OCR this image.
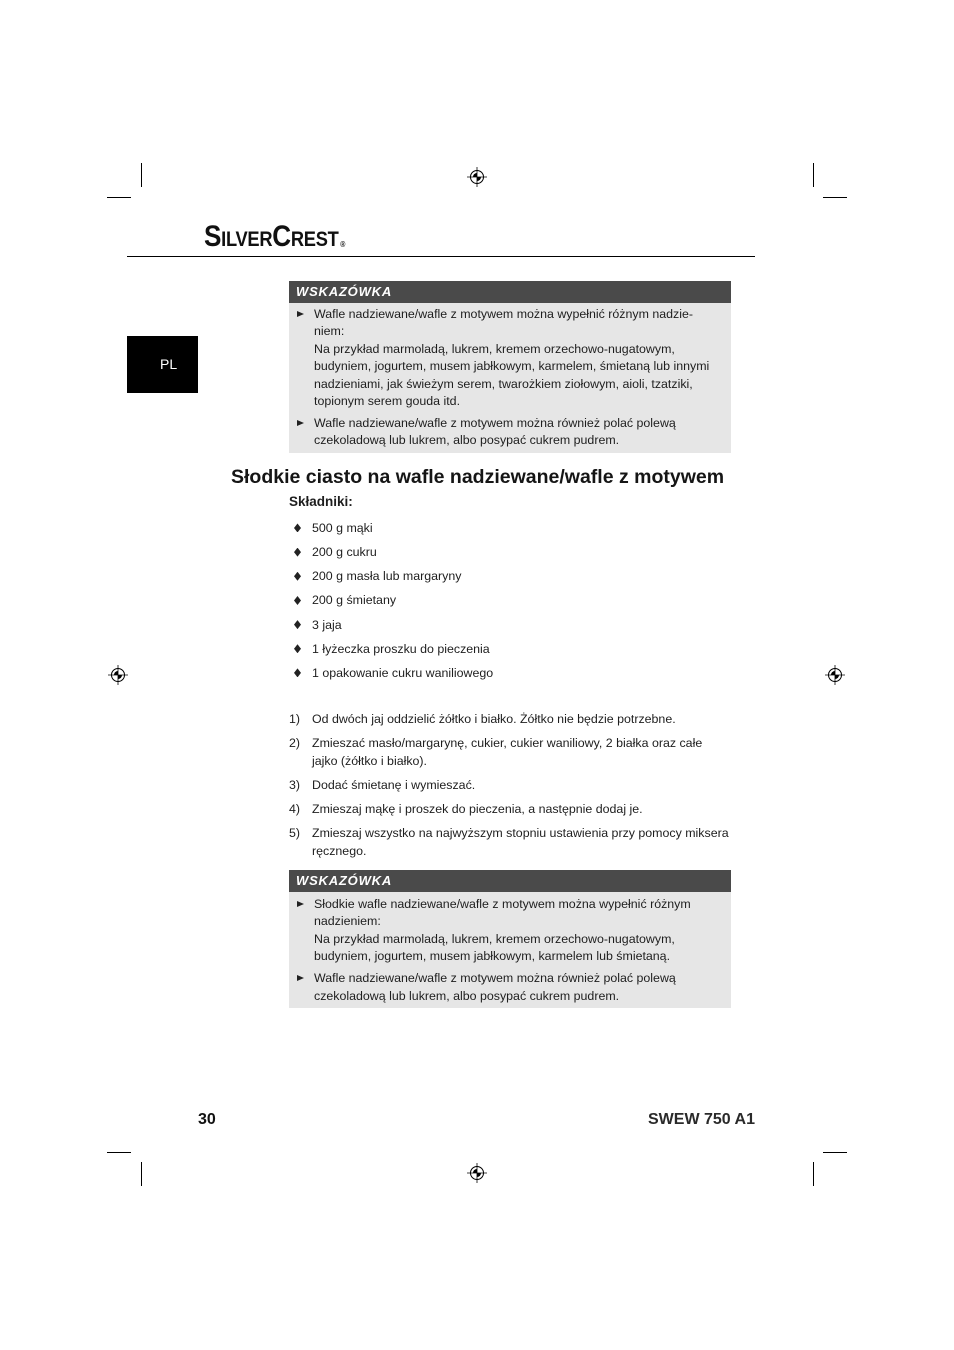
SilverCrest ®
PL
WSKAZÓWKA
Wafle nadziewane/wafle z motywem można wypełnić różnym nadzie-
niem:
Na przykład marmoladą, lukrem, kremem orzechowo-nugatowym,
budyniem, jogurtem, musem jabłkowym, karmelem, śmietaną lub innymi
nadzieniami, jak świeżym serem, twarożkiem ziołowym, aioli, tzatziki,
topionym serem gouda itd.
Wafle nadziewane/wafle z motywem można również polać polewą
czekoladową lub lukrem, albo posypać cukrem pudrem.
Słodkie ciasto na wafle nadziewane/wafle z motywem
Składniki:
500 g mąki
200 g cukru
200 g masła lub margaryny
200 g śmietany
3 jaja
1 łyżeczka proszku do pieczenia
1 opakowanie cukru waniliowego
1) Od dwóch jaj oddzielić żółtko i białko. Żółtko nie będzie potrzebne.
2) Zmieszać masło/margarynę, cukier, cukier waniliowy, 2 białka oraz całe
jajko (żółtko i białko).
3) Dodać śmietanę i wymieszać.
4) Zmieszaj mąkę i proszek do pieczenia, a następnie dodaj je.
5) Zmieszaj wszystko na najwyższym stopniu ustawienia przy pomocy miksera
ręcznego.
WSKAZÓWKA
Słodkie wafle nadziewane/wafle z motywem można wypełnić różnym
nadzieniem:
Na przykład marmoladą, lukrem, kremem orzechowo-nugatowym,
budyniem, jogurtem, musem jabłkowym, karmelem lub śmietaną.
Wafle nadziewane/wafle z motywem można również polać polewą
czekoladową lub lukrem, albo posypać cukrem pudrem.
30	SWEW 750 A1
